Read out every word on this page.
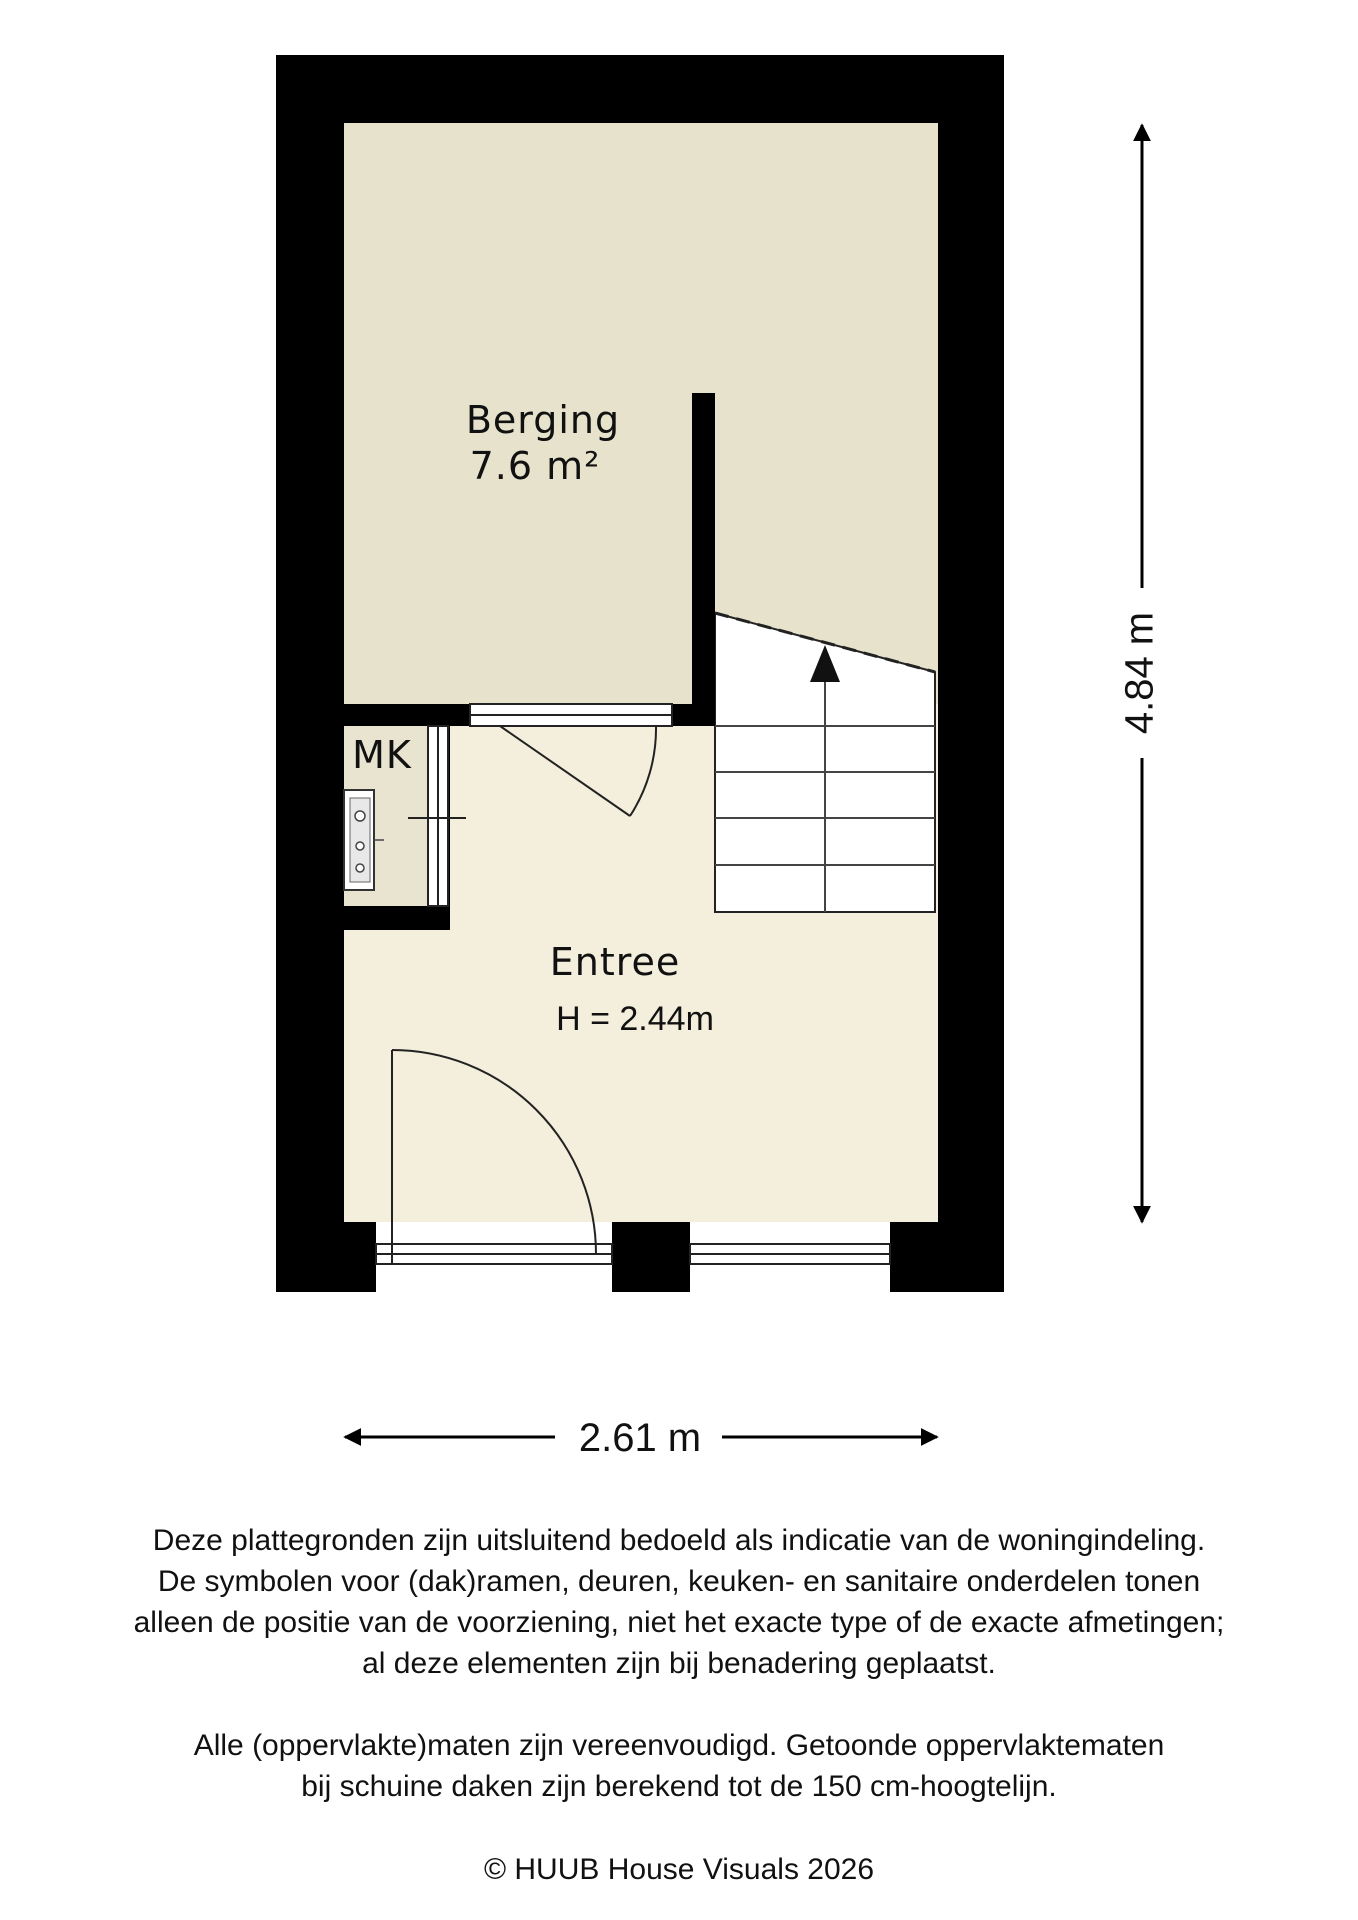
Berging
7.6 m²
MK
Entree
H = 2.44m
4.84 m
2.61 m

Deze plattegronden zijn uitsluitend bedoeld als indicatie van de woningindeling.

De symbolen voor (dak)ramen, deuren, keuken- en sanitaire onderdelen tonen

alleen de positie van de voorziening, niet het exacte type of de exacte afmetingen;

al deze elementen zijn bij benadering geplaatst.

Alle (oppervlakte)maten zijn vereenvoudigd. Getoonde oppervlaktematen

bij schuine daken zijn berekend tot de 150 cm-hoogtelijn.

© HUUB House Visuals 2026
